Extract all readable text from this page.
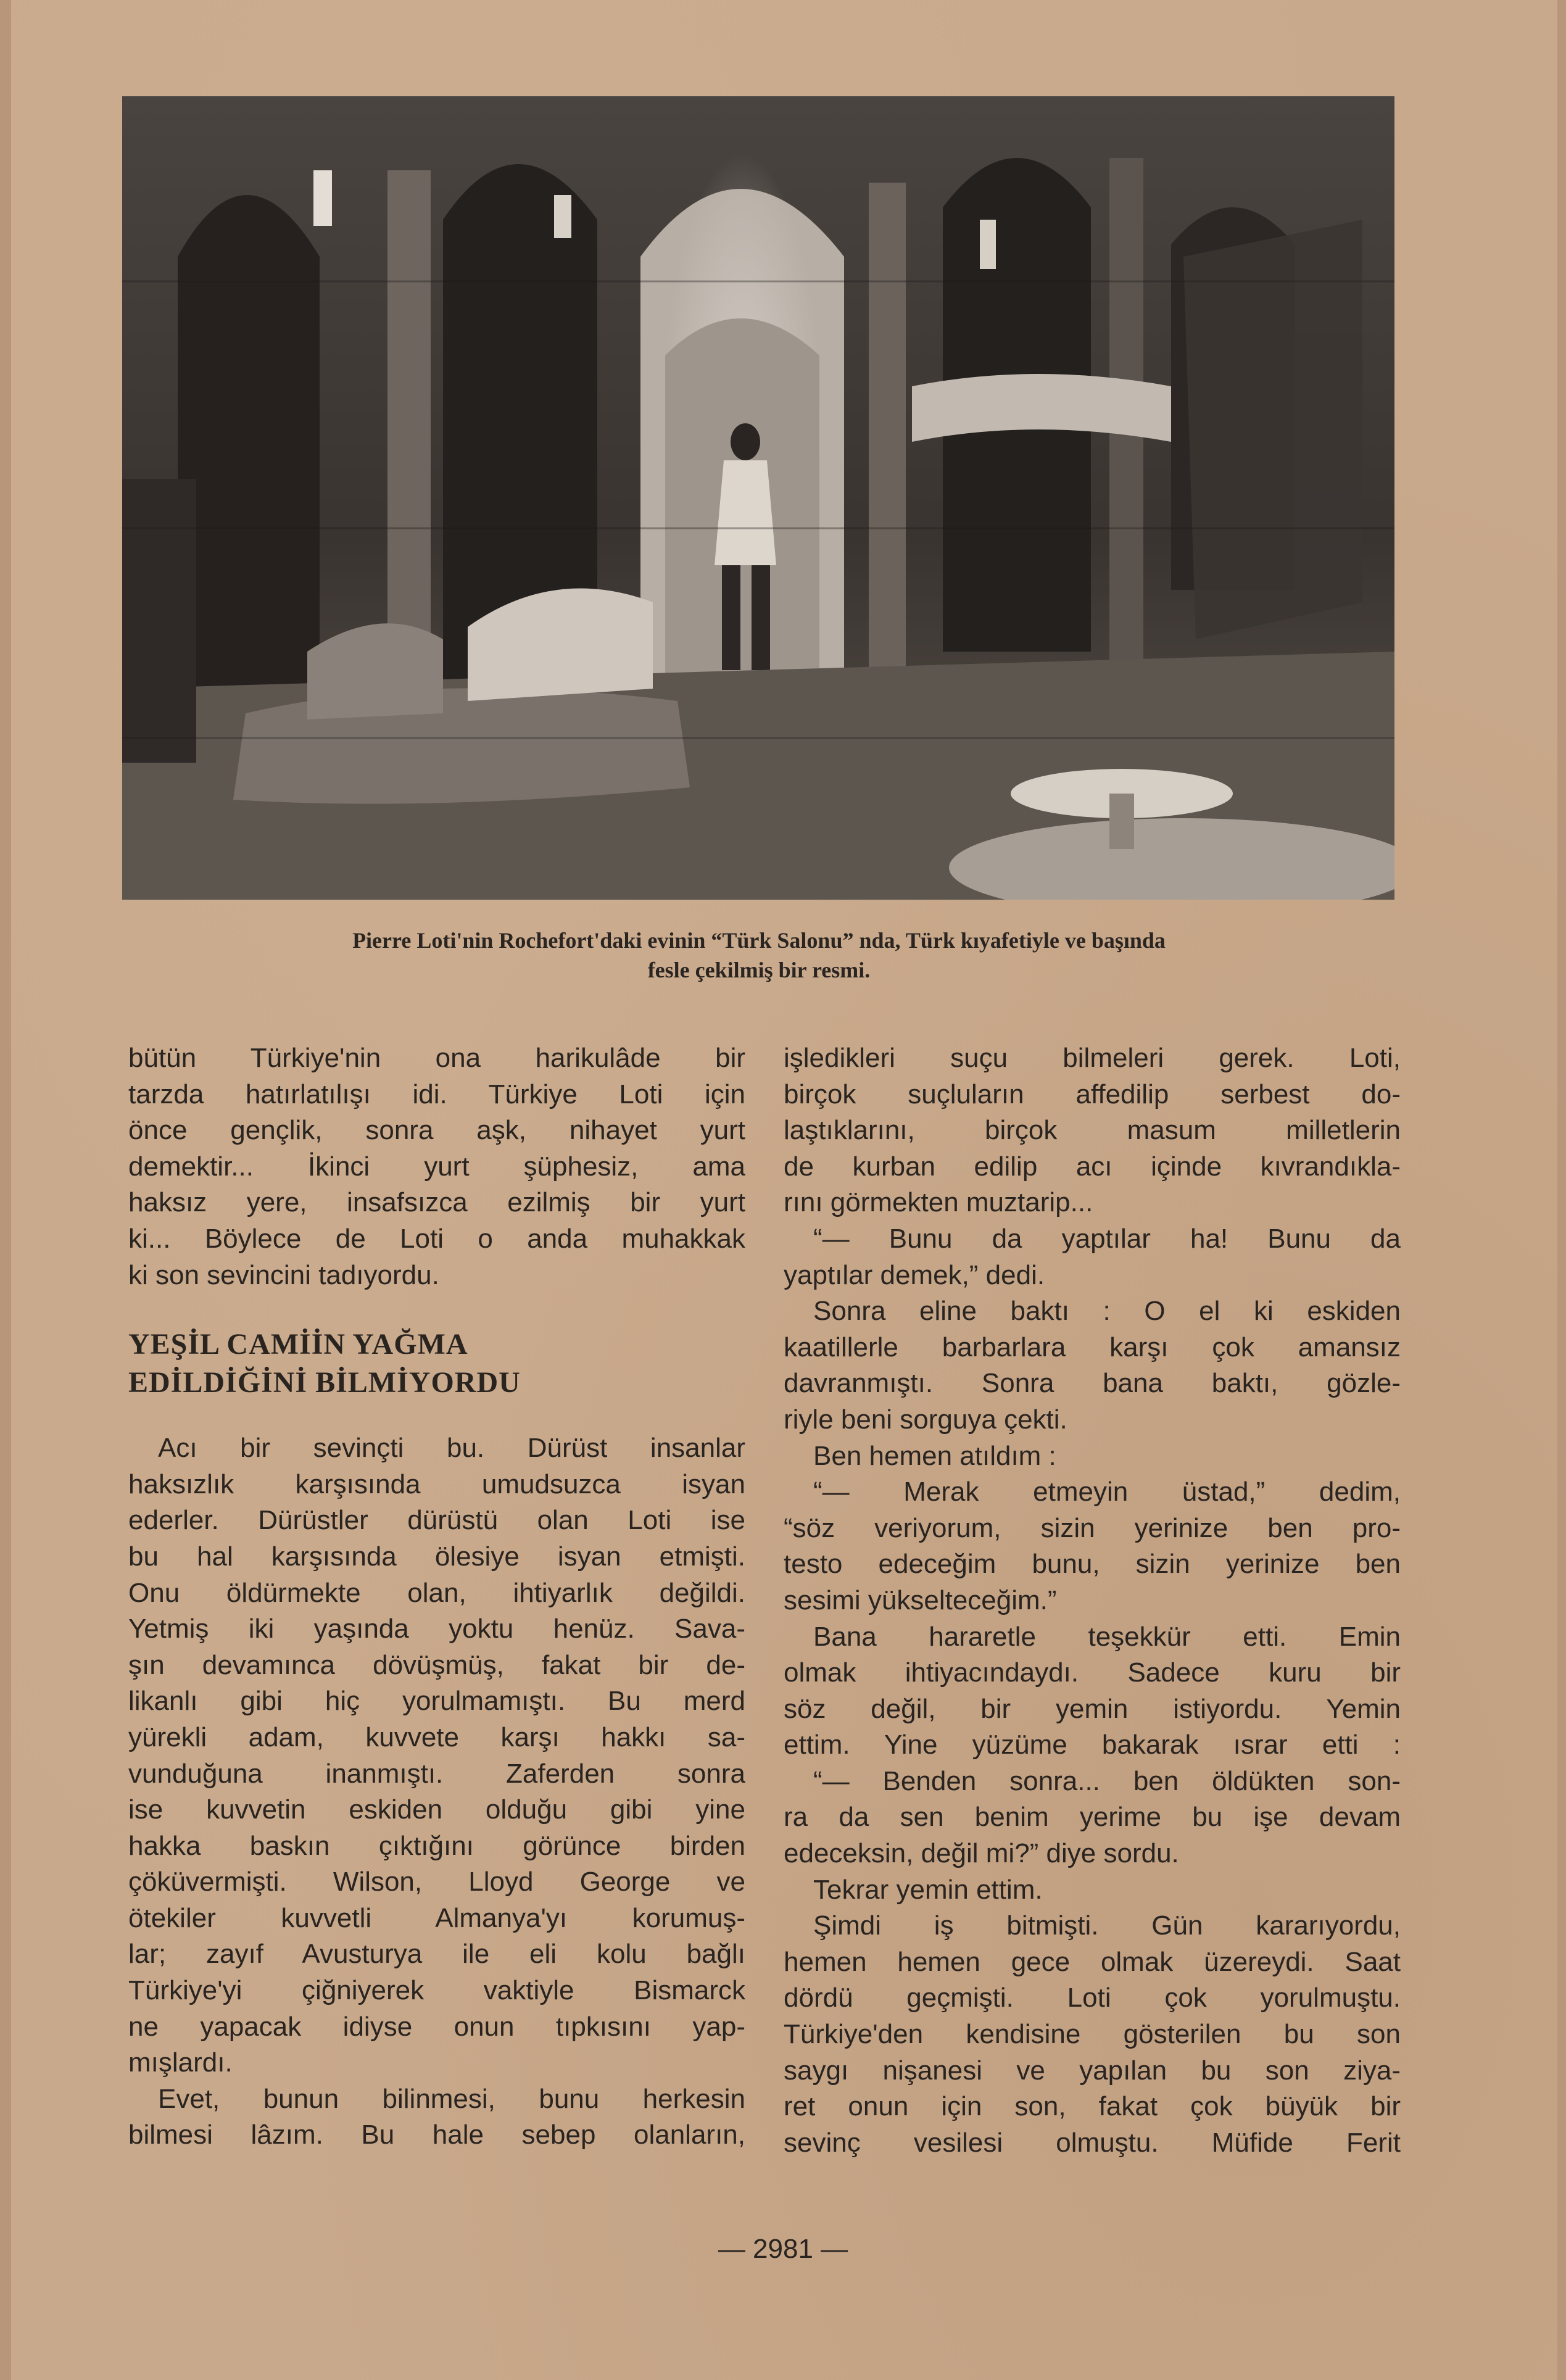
Pierre Loti'nin Rochefort'daki evinin “Türk Salonu” nda, Türk kıyafetiyle ve başında
fesle çekilmiş bir resmi.
bütün Türkiye'nin ona harikulâde bir
tarzda hatırlatılışı idi. Türkiye Loti için
önce gençlik, sonra aşk, nihayet yurt
demektir... İkinci yurt şüphesiz, ama
haksız yere, insafsızca ezilmiş bir yurt
ki... Böylece de Loti o anda muhakkak
ki son sevincini tadıyordu.
YEŞİL CAMİİN YAĞMA
EDİLDİĞİNİ BİLMİYORDU
Acı bir sevinçti bu. Dürüst insanlar
haksızlık karşısında umudsuzca isyan
ederler. Dürüstler dürüstü olan Loti ise
bu hal karşısında ölesiye isyan etmişti.
Onu öldürmekte olan, ihtiyarlık değildi.
Yetmiş iki yaşında yoktu henüz. Sava-
şın devamınca dövüşmüş, fakat bir de-
likanlı gibi hiç yorulmamıştı. Bu merd
yürekli adam, kuvvete karşı hakkı sa-
vunduğuna inanmıştı. Zaferden sonra
ise kuvvetin eskiden olduğu gibi yine
hakka baskın çıktığını görünce birden
çöküvermişti. Wilson, Lloyd George ve
ötekiler kuvvetli Almanya'yı korumuş-
lar; zayıf Avusturya ile eli kolu bağlı
Türkiye'yi çiğniyerek vaktiyle Bismarck
ne yapacak idiyse onun tıpkısını yap-
mışlardı.
Evet, bunun bilinmesi, bunu herkesin
bilmesi lâzım. Bu hale sebep olanların,
işledikleri suçu bilmeleri gerek. Loti,
birçok suçluların affedilip serbest do-
laştıklarını, birçok masum milletlerin
de kurban edilip acı içinde kıvrandıkla-
rını görmekten muztarip...
“— Bunu da yaptılar ha! Bunu da
yaptılar demek,” dedi.
Sonra eline baktı : O el ki eskiden
kaatillerle barbarlara karşı çok amansız
davranmıştı. Sonra bana baktı, gözle-
riyle beni sorguya çekti.
Ben hemen atıldım :
“— Merak etmeyin üstad,” dedim,
“söz veriyorum, sizin yerinize ben pro-
testo edeceğim bunu, sizin yerinize ben
sesimi yükselteceğim.”
Bana hararetle teşekkür etti. Emin
olmak ihtiyacındaydı. Sadece kuru bir
söz değil, bir yemin istiyordu. Yemin
ettim. Yine yüzüme bakarak ısrar etti :
“— Benden sonra... ben öldükten son-
ra da sen benim yerime bu işe devam
edeceksin, değil mi?” diye sordu.
Tekrar yemin ettim.
Şimdi iş bitmişti. Gün kararıyordu,
hemen hemen gece olmak üzereydi. Saat
dördü geçmişti. Loti çok yorulmuştu.
Türkiye'den kendisine gösterilen bu son
saygı nişanesi ve yapılan bu son ziya-
ret onun için son, fakat çok büyük bir
sevinç vesilesi olmuştu. Müfide Ferit
— 2981 —
